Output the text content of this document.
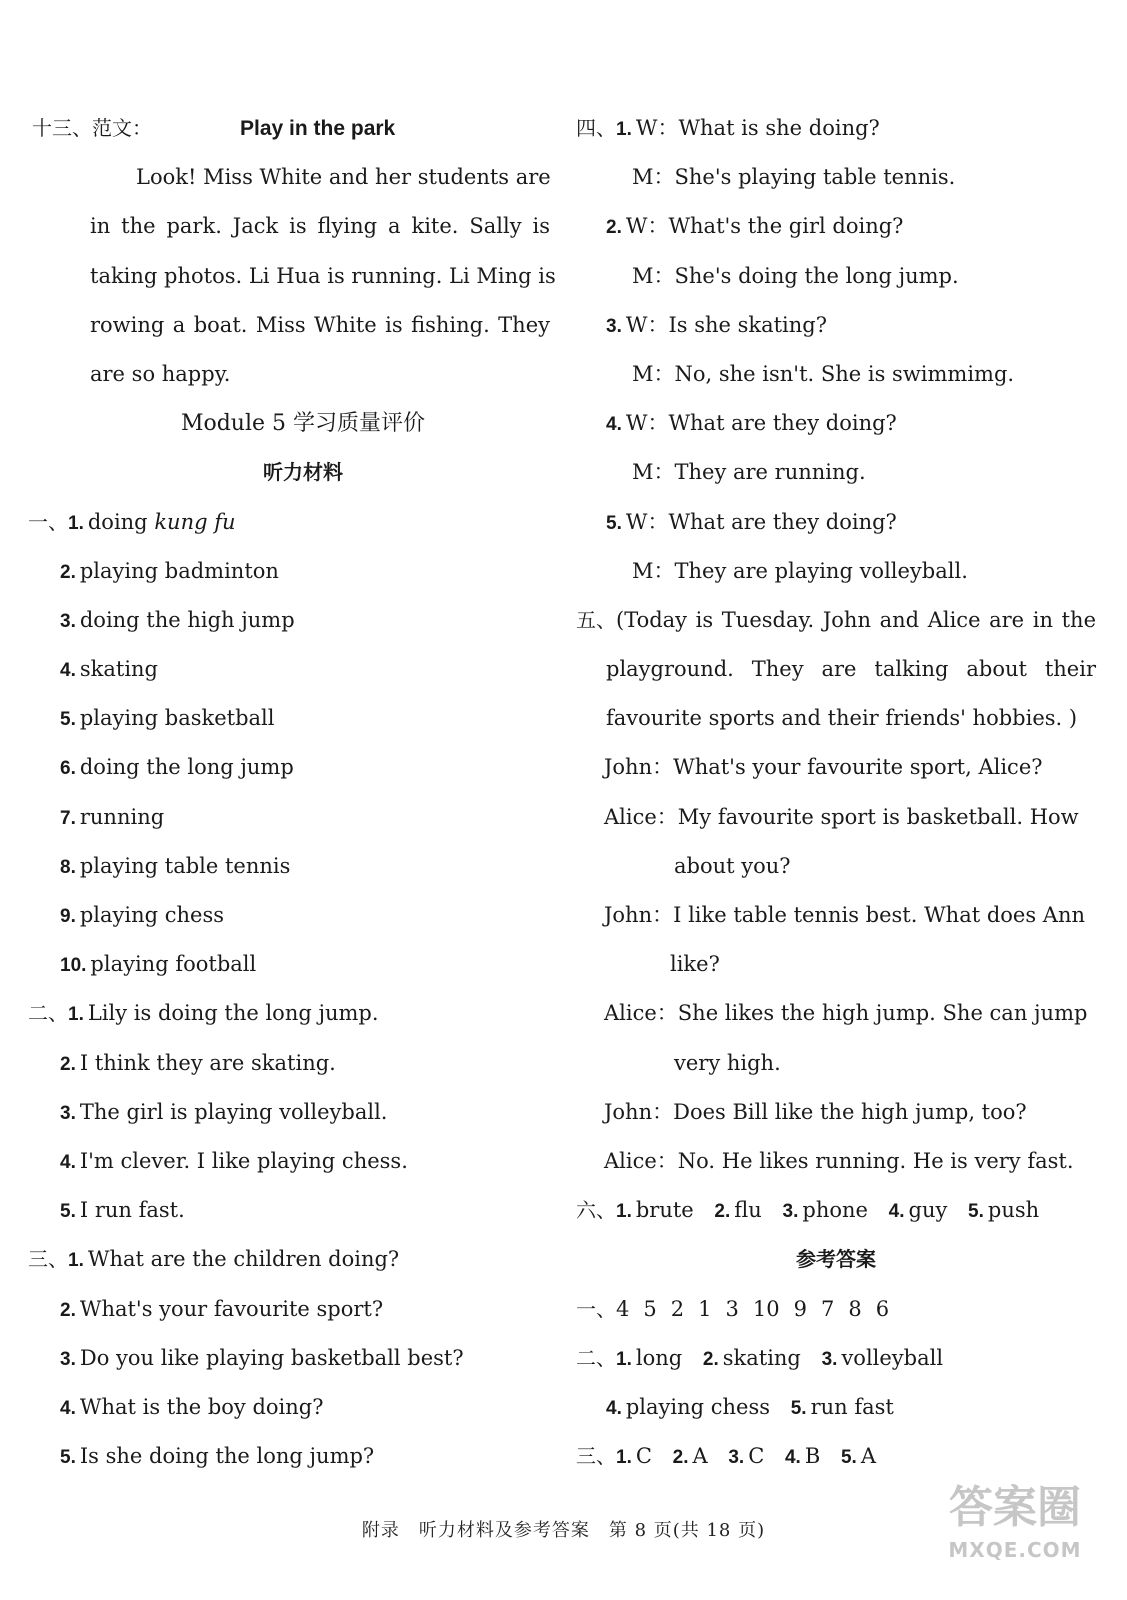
十三、范文：	Play in the park
Look! Miss White and her students are
in the park. Jack is flying a kite. Sally is
taking photos. Li Hua is running. Li Ming is
rowing a boat. Miss White is fishing. They
are so happy.
Module 5 学习质量评价
听力材料
一、1. doing kung fu
2. playing badminton
3. doing the high jump
4. skating
5. playing basketball
6. doing the long jump
7. running
8. playing table tennis
9. playing chess
10. playing football
二、1. Lily is doing the long jump.
2. I think they are skating.
3. The girl is playing volleyball.
4. I'm clever. I like playing chess.
5. I run fast.
三、1. What are the children doing?
2. What's your favourite sport?
3. Do you like playing basketball best?
4. What is the boy doing?
5. Is she doing the long jump?
四、1. W：What is she doing?
M：She's playing table tennis.
2. W：What's the girl doing?
M：She's doing the long jump.
3. W：Is she skating?
M：No, she isn't. She is swimmimg.
4. W：What are they doing?
M：They are running.
5. W：What are they doing?
M：They are playing volleyball.
五、 (Today is Tuesday. John and Alice are in the
playground. They are talking about their
favourite sports and their friends' hobbies. )
John：What's your favourite sport, Alice?
Alice：My favourite sport is basketball. How
about you?
John：I like table tennis best. What does Ann
like?
Alice：She likes the high jump. She can jump
very high.
John：Does Bill like the high jump, too?
Alice：No. He likes running. He is very fast.
六、1. brute 2. flu 3. phone 4. guy 5. push
参考答案
一、4 5 2 1 3 10 9 7 8 6
二、1. long 2. skating 3. volleyball
4. playing chess 5. run fast
三、1. C 2. A 3. C 4. B 5. A
附录　听力材料及参考答案　第 8 页(共 18 页)	答案圈
MXQE.COM
